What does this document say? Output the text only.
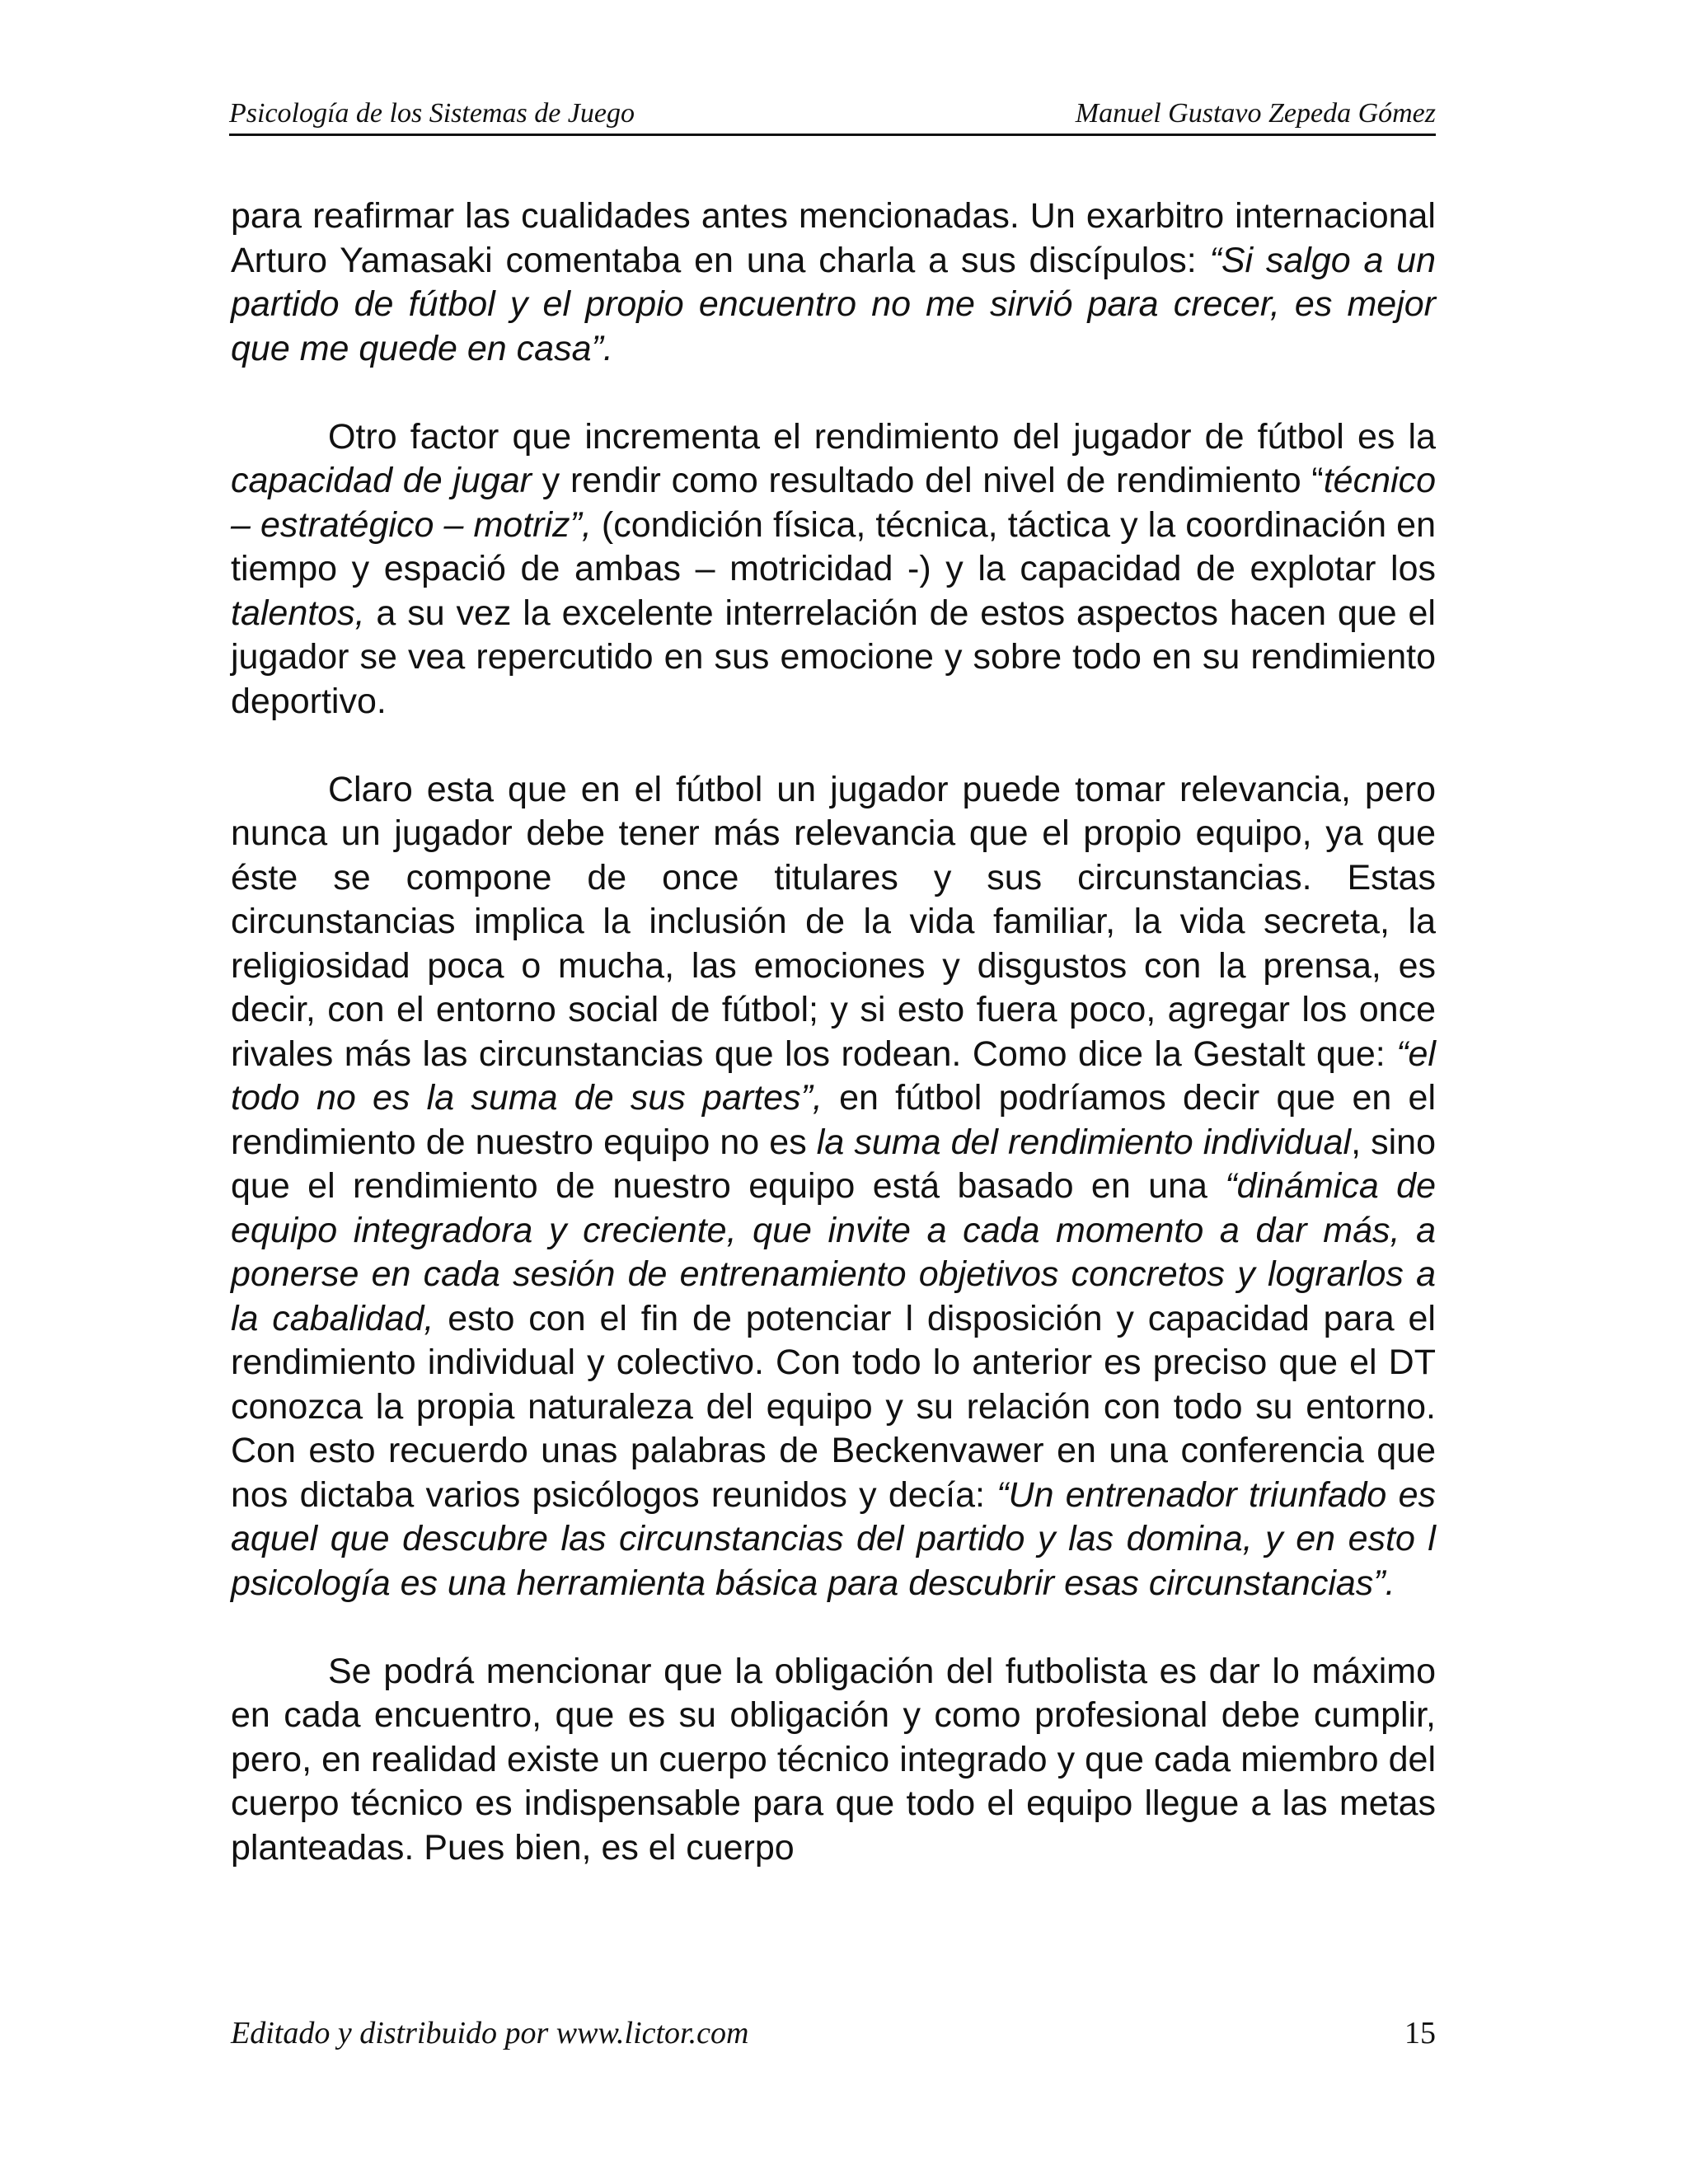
Psicología de los Sistemas de Juego	Manuel Gustavo Zepeda Gómez

para reafirmar las cualidades antes mencionadas. Un exarbitro internacional Arturo Yamasaki comentaba en una charla a sus discípulos: “Si salgo a un partido de fútbol y el propio encuentro no me sirvió para crecer, es mejor que me quede en casa”.

Otro factor que incrementa el rendimiento del jugador de fútbol es la capacidad de jugar y rendir como resultado del nivel de rendimiento “técnico – estratégico – motriz”, (condición física, técnica, táctica y la coordinación en tiempo y espació de ambas – motricidad -) y la capacidad de explotar los talentos, a su vez la excelente interrelación de estos aspectos hacen que el jugador se vea repercutido en sus emocione y sobre todo en su rendimiento deportivo.

Claro esta que en el fútbol un jugador puede tomar relevancia, pero nunca un jugador debe tener más relevancia que el propio equipo, ya que éste se compone de once titulares y sus circunstancias. Estas circunstancias implica la inclusión de la vida familiar, la vida secreta, la religiosidad poca o mucha, las emociones y disgustos con la prensa, es decir, con el entorno social de fútbol; y si esto fuera poco, agregar los once rivales más las circunstancias que los rodean. Como dice la Gestalt que: “el todo no es la suma de sus partes”, en fútbol podríamos decir que en el rendimiento de nuestro equipo no es la suma del rendimiento individual, sino que el rendimiento de nuestro equipo está basado en una “dinámica de equipo integradora y creciente, que invite a cada momento a dar más, a ponerse en cada sesión de entrenamiento objetivos concretos y lograrlos a la cabalidad, esto con el fin de potenciar l disposición y capacidad para el rendimiento individual y colectivo. Con todo lo anterior es preciso que el DT conozca la propia naturaleza del equipo y su relación con todo su entorno. Con esto recuerdo unas palabras de Beckenvawer en una conferencia que nos dictaba varios psicólogos reunidos y decía: “Un entrenador triunfado es aquel que descubre las circunstancias del partido y las domina, y en esto l psicología es una herramienta básica para descubrir esas circunstancias”.

Se podrá mencionar que la obligación del futbolista es dar lo máximo en cada encuentro, que es su obligación y como profesional debe cumplir, pero, en realidad existe un cuerpo técnico integrado y que cada miembro del cuerpo técnico es indispensable para que todo el equipo llegue a las metas planteadas. Pues bien, es el cuerpo

Editado y distribuido por www.lictor.com	15
